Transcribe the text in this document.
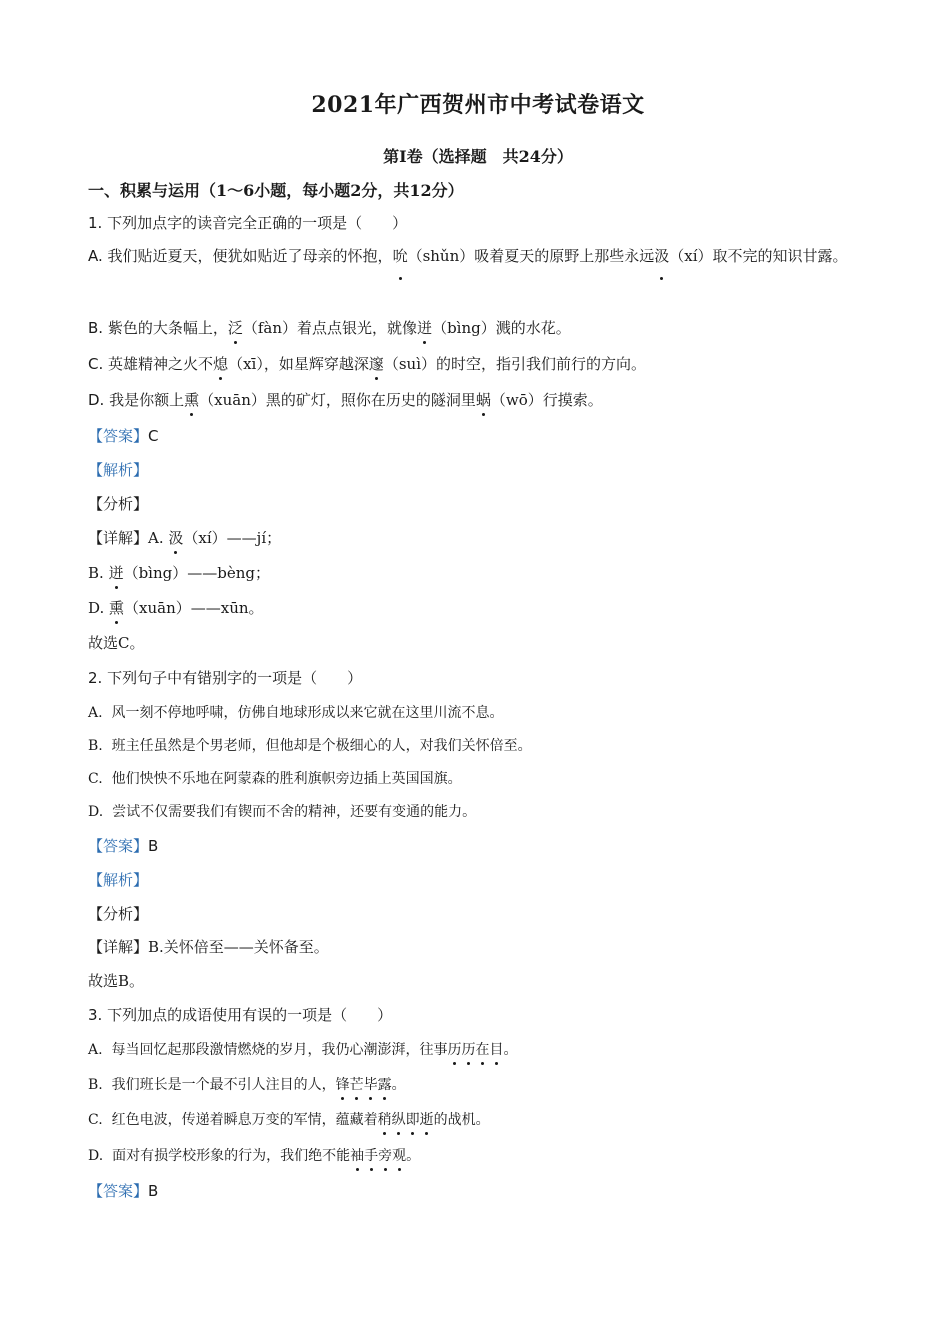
2021年广西贺州市中考试卷语文
第Ⅰ卷（选择题　共24分）
一、积累与运用（1～6小题，每小题2分，共12分）
1. 下列加点字的读音完全正确的一项是（　　）
A. 我们贴近夏天，便犹如贴近了母亲的怀抱，吮（shǔn）吸着夏天的原野上那些永远汲（xí）取不完的知识甘露。
B. 紫色的大条幅上，泛（fàn）着点点银光，就像迸（bìng）溅的水花。
C. 英雄精神之火不熄（xī），如星辉穿越深邃（suì）的时空，指引我们前行的方向。
D. 我是你额上熏（xuān）黑的矿灯，照你在历史的隧洞里蜗（wō）行摸索。
【答案】C
【解析】
【分析】
【详解】A. 汲（xí）——jí；
B. 迸（bìng）——bèng；
D. 熏（xuān）——xūn。
故选C。
2. 下列句子中有错别字的一项是（　　）
A. 风一刻不停地呼啸，仿佛自地球形成以来它就在这里川流不息。
B. 班主任虽然是个男老师，但他却是个极细心的人，对我们关怀倍至。
C. 他们怏怏不乐地在阿蒙森的胜利旗帜旁边插上英国国旗。
D. 尝试不仅需要我们有锲而不舍的精神，还要有变通的能力。
【答案】B
【解析】
【分析】
【详解】B.关怀倍至——关怀备至。
故选B。
3. 下列加点的成语使用有误的一项是（　　）
A. 每当回忆起那段激情燃烧的岁月，我仍心潮澎湃，往事历历在目。
B. 我们班长是一个最不引人注目的人，锋芒毕露。
C. 红色电波，传递着瞬息万变的军情，蕴藏着稍纵即逝的战机。
D. 面对有损学校形象的行为，我们绝不能袖手旁观。
【答案】B
